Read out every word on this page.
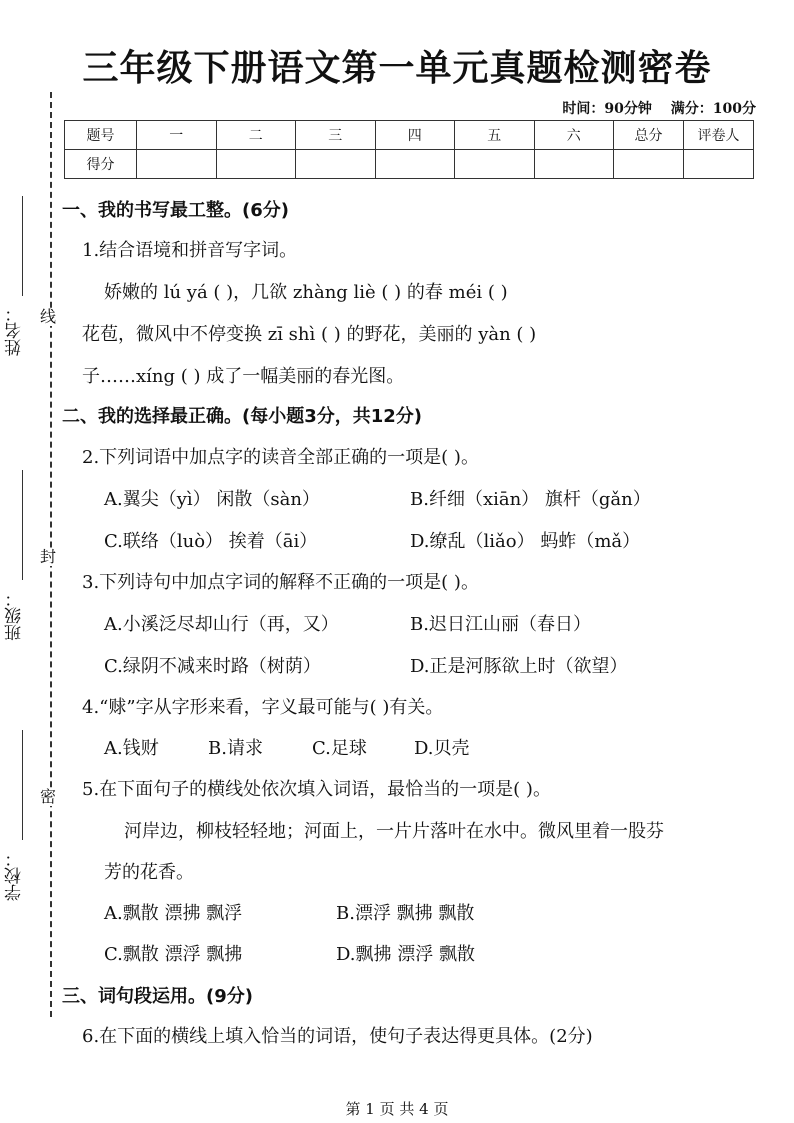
三年级下册语文第一单元真题检测密卷
时间：90分钟 满分：100分
题号	一	二	三	四	五	六	总分	评卷人
得分								
线
封
密
姓名：
班级：
学校：
一、我的书写最工整。(6分)
1.结合语境和拼音写字词。
娇嫩的 lú yá ( )，几欲 zhàng liè ( ) 的春 méi ( )
花苞，微风中不停变换 zī shì ( ) 的野花，美丽的 yàn ( )
子……xíng ( ) 成了一幅美丽的春光图。
二、我的选择最正确。(每小题3分，共12分)
2.下列词语中加点字的读音全部正确的一项是( )。
A.翼尖（yì） 闲散（sàn）	B.纤细（xiān） 旗杆（gǎn）
C.联络（luò） 挨着（āi）	D.缭乱（liǎo） 蚂蚱（mǎ）
3.下列诗句中加点字词的解释不正确的一项是( )。
A.小溪泛尽却山行（再，又）	B.迟日江山丽（春日）
C.绿阴不减来时路（树荫）	D.正是河豚欲上时（欲望）
4.“赇”字从字形来看，字义最可能与( )有关。
A.钱财	B.请求	C.足球	D.贝壳
5.在下面句子的横线处依次填入词语，最恰当的一项是( )。
河岸边，柳枝轻轻地；河面上，一片片落叶在水中。微风里着一股芬
芳的花香。
A.飘散 漂拂 飘浮	B.漂浮 飘拂 飘散
C.飘散 漂浮 飘拂	D.飘拂 漂浮 飘散
三、词句段运用。(9分)
6.在下面的横线上填入恰当的词语，使句子表达得更具体。(2分)
第 1 页 共 4 页
